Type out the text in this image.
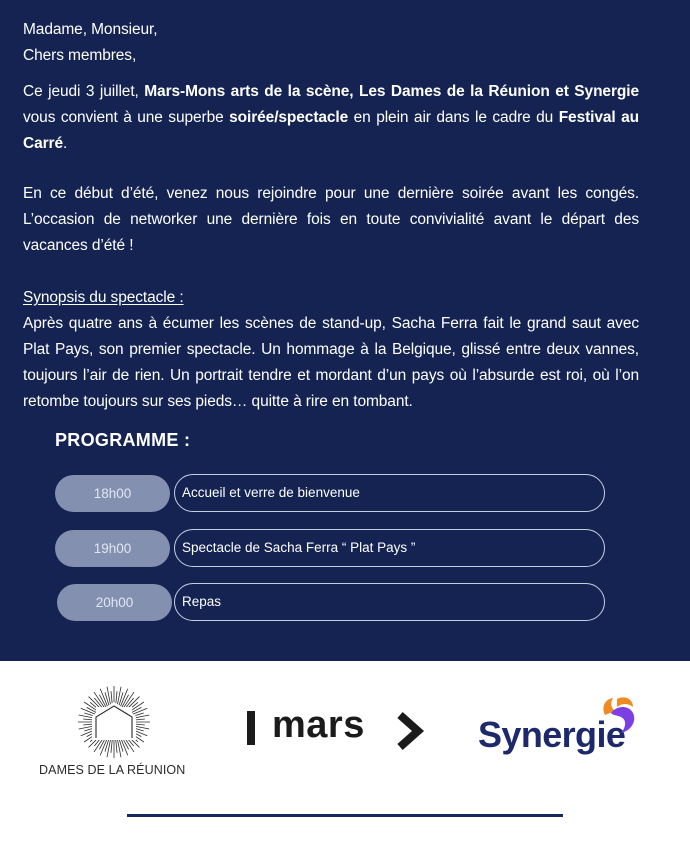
Madame, Monsieur,
Chers membres,
Ce jeudi 3 juillet, Mars-Mons arts de la scène, Les Dames de la Réunion et Synergie vous convient à une superbe soirée/spectacle en plein air dans le cadre du Festival au Carré.
En ce début d’été, venez nous rejoindre pour une dernière soirée avant les congés. L’occasion de networker une dernière fois en toute convivialité avant le départ des vacances d’été !
Synopsis du spectacle :
Après quatre ans à écumer les scènes de stand-up, Sacha Ferra fait le grand saut avec Plat Pays, son premier spectacle. Un hommage à la Belgique, glissé entre deux vannes, toujours l’air de rien. Un portrait tendre et mordant d’un pays où l’absurde est roi, où l’on retombe toujours sur ses pieds… quitte à rire en tombant.
PROGRAMME :
18h00	Accueil et verre de bienvenue
19h00	Spectacle de Sacha Ferra “ Plat Pays ”
20h00	Repas
DAMES DE LA RÉUNION
mars	Synergie
